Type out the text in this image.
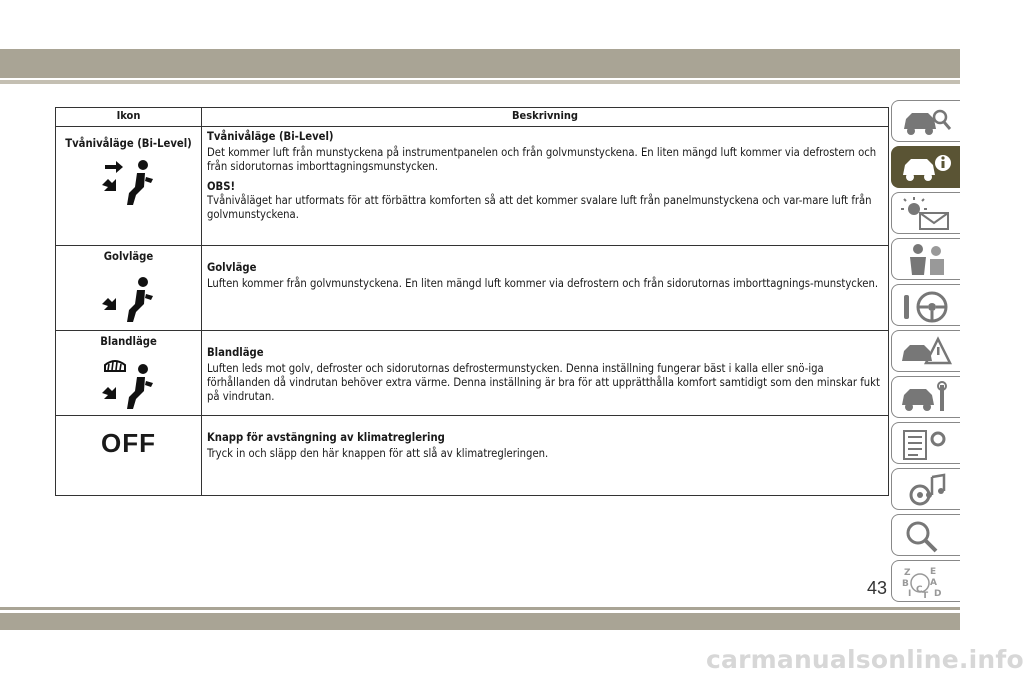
Ikon	Beskrivning

Tvånivåläge (Bi-Level)	Tvånivåläge (Bi-Level)
Det kommer luft från munstyckena på instrumentpanelen och från golvmunstyckena. En liten mängd luft kommer via defrostern och från sidorutornas imborttagningsmunstycken.
OBS!
Tvånivåläget har utformats för att förbättra komforten så att det kommer svalare luft från panelmunstyckena och var-mare luft från golvmunstyckena.

Golvläge	Golvläge
Luften kommer från golvmunstyckena. En liten mängd luft kommer via defrostern och från sidorutornas imborttagnings-munstycken.

Blandläge	Blandläge
Luften leds mot golv, defroster och sidorutornas defrostermunstycken. Denna inställning fungerar bäst i kalla eller snö-iga förhållanden då vindrutan behöver extra värme. Denna inställning är bra för att upprätthålla komfort samtidigt som den minskar fukt på vindrutan.

OFF	Knapp för avstängning av klimatreglering
Tryck in och släpp den här knappen för att slå av klimatregleringen.
Z E
B A
I C
T D
43
carmanualsonline.info
